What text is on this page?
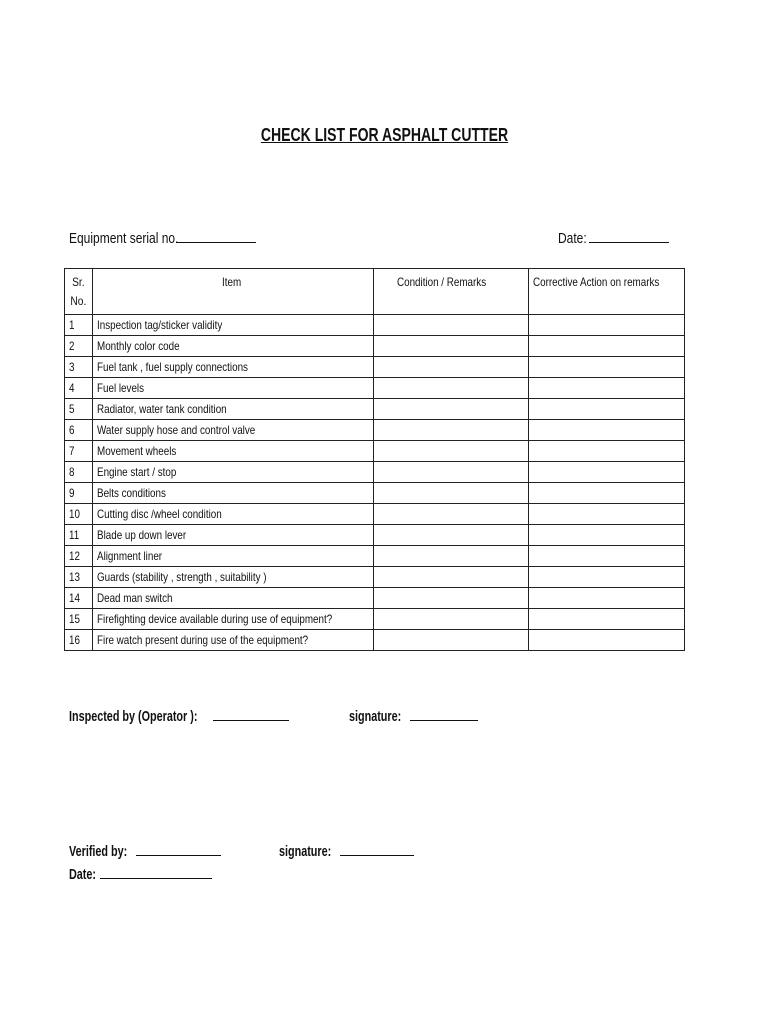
CHECK LIST FOR ASPHALT CUTTER
Equipment serial no.	Date:
Sr. No.	Item	Condition / Remarks	Corrective Action on remarks
1	Inspection tag/sticker validity		
2	Monthly color code		
3	Fuel tank , fuel supply connections		
4	Fuel levels		
5	Radiator, water tank condition		
6	Water supply hose and control valve		
7	Movement wheels		
8	Engine start / stop		
9	Belts conditions		
10	Cutting disc /wheel condition		
11	Blade up down lever		
12	Alignment liner		
13	Guards (stability , strength , suitability )		
14	Dead man switch		
15	Firefighting device available during use of equipment?		
16	Fire watch present during use of the equipment?		
Inspected by (Operator ):	signature:
Verified by:	signature:
Date:
